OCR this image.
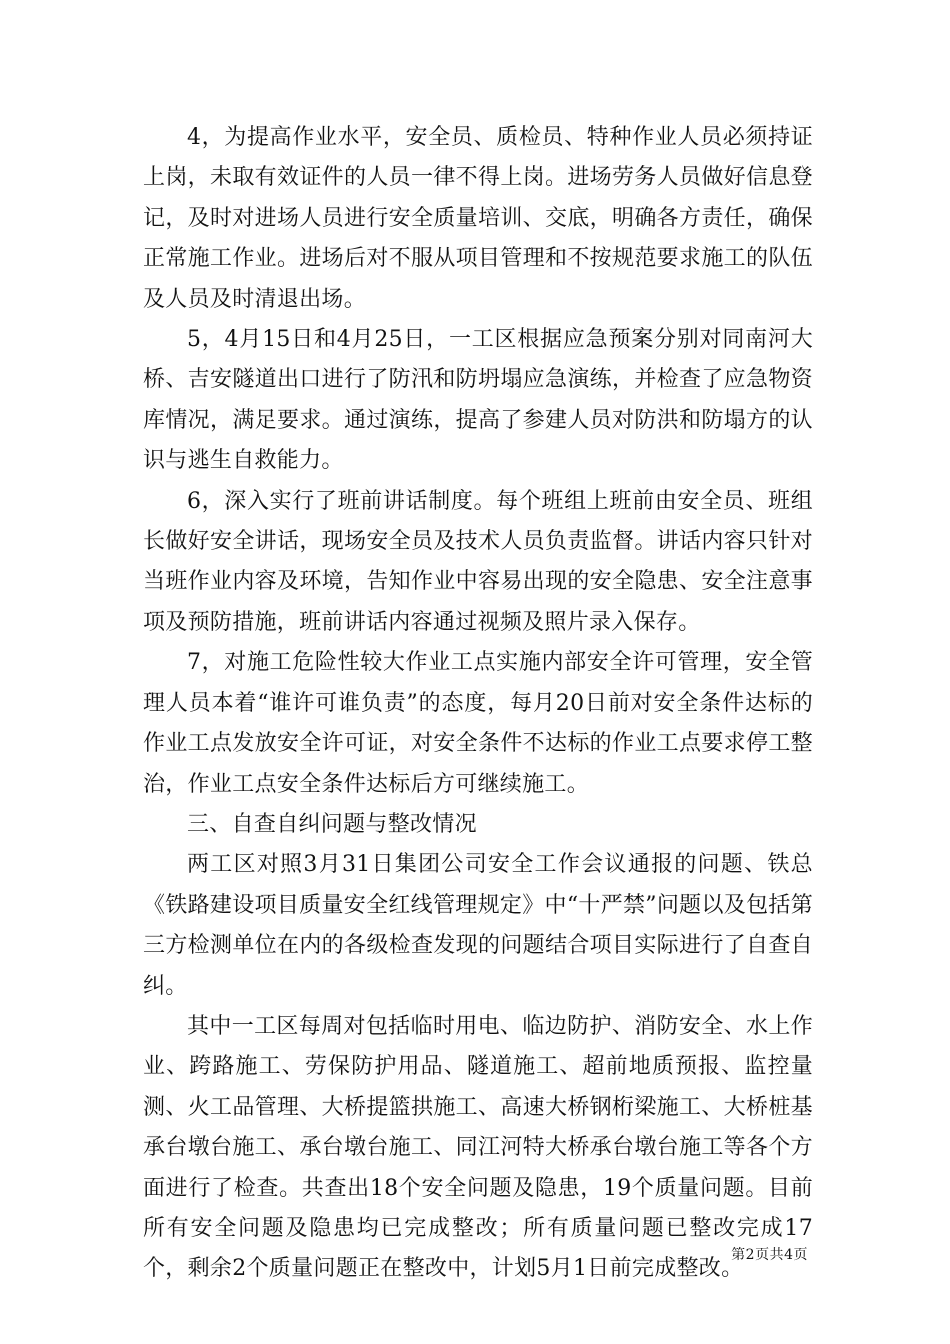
4，为提高作业水平，安全员、质检员、特种作业人员必须持证上岗，未取有效证件的人员一律不得上岗。进场劳务人员做好信息登记，及时对进场人员进行安全质量培训、交底，明确各方责任，确保正常施工作业。进场后对不服从项目管理和不按规范要求施工的队伍及人员及时清退出场。

5，4月15日和4月25日，一工区根据应急预案分别对同南河大桥、吉安隧道出口进行了防汛和防坍塌应急演练，并检查了应急物资库情况，满足要求。通过演练，提高了参建人员对防洪和防塌方的认识与逃生自救能力。

6，深入实行了班前讲话制度。每个班组上班前由安全员、班组长做好安全讲话，现场安全员及技术人员负责监督。讲话内容只针对当班作业内容及环境，告知作业中容易出现的安全隐患、安全注意事项及预防措施，班前讲话内容通过视频及照片录入保存。

7，对施工危险性较大作业工点实施内部安全许可管理，安全管理人员本着“谁许可谁负责”的态度，每月20日前对安全条件达标的作业工点发放安全许可证，对安全条件不达标的作业工点要求停工整治，作业工点安全条件达标后方可继续施工。

三、自查自纠问题与整改情况

两工区对照3月31日集团公司安全工作会议通报的问题、铁总《铁路建设项目质量安全红线管理规定》中“十严禁”问题以及包括第三方检测单位在内的各级检查发现的问题结合项目实际进行了自查自纠。

其中一工区每周对包括临时用电、临边防护、消防安全、水上作业、跨路施工、劳保防护用品、隧道施工、超前地质预报、监控量测、火工品管理、大桥提篮拱施工、高速大桥钢桁梁施工、大桥桩基承台墩台施工、承台墩台施工、同江河特大桥承台墩台施工等各个方面进行了检查。共查出18个安全问题及隐患，19个质量问题。目前所有安全问题及隐患均已完成整改；所有质量问题已整改完成17个，剩余2个质量问题正在整改中，计划5月1日前完成整改。

第2页共4页
